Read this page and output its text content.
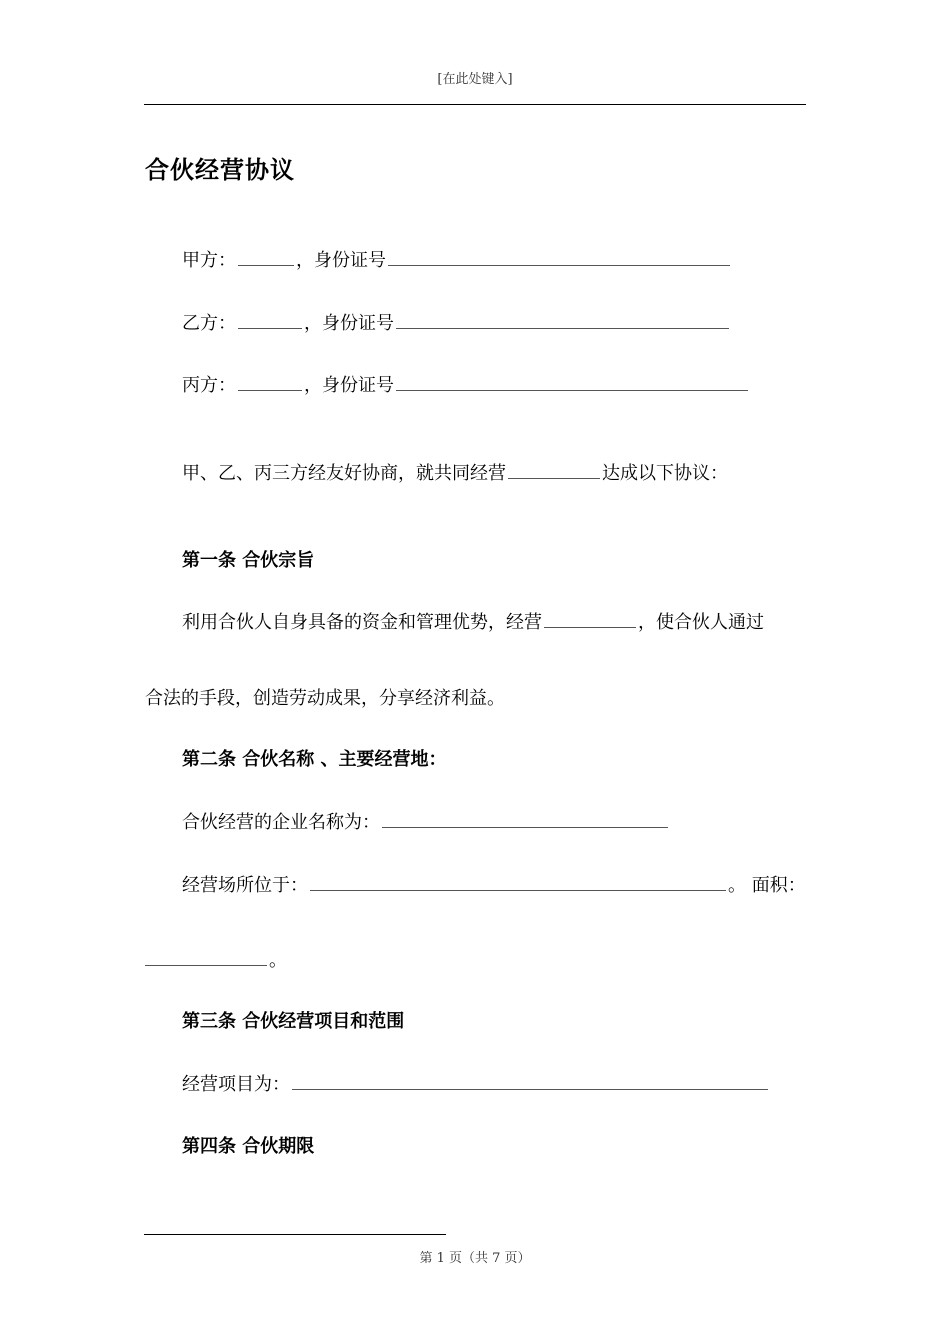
[在此处键入]
合伙经营协议
甲方：	，身份证号
乙方：	，身份证号
丙方：	，身份证号
甲、乙、丙三方经友好协商，就共同经营	达成以下协议：
第一条 合伙宗旨
利用合伙人自身具备的资金和管理优势，经营	，使合伙人通过
合法的手段，创造劳动成果，分享经济利益。
第二条 合伙名称 、主要经营地：
合伙经营的企业名称为：
经营场所位于：	。 面积：
。
第三条 合伙经营项目和范围
经营项目为：
第四条 合伙期限
第 1 页（共 7 页）
